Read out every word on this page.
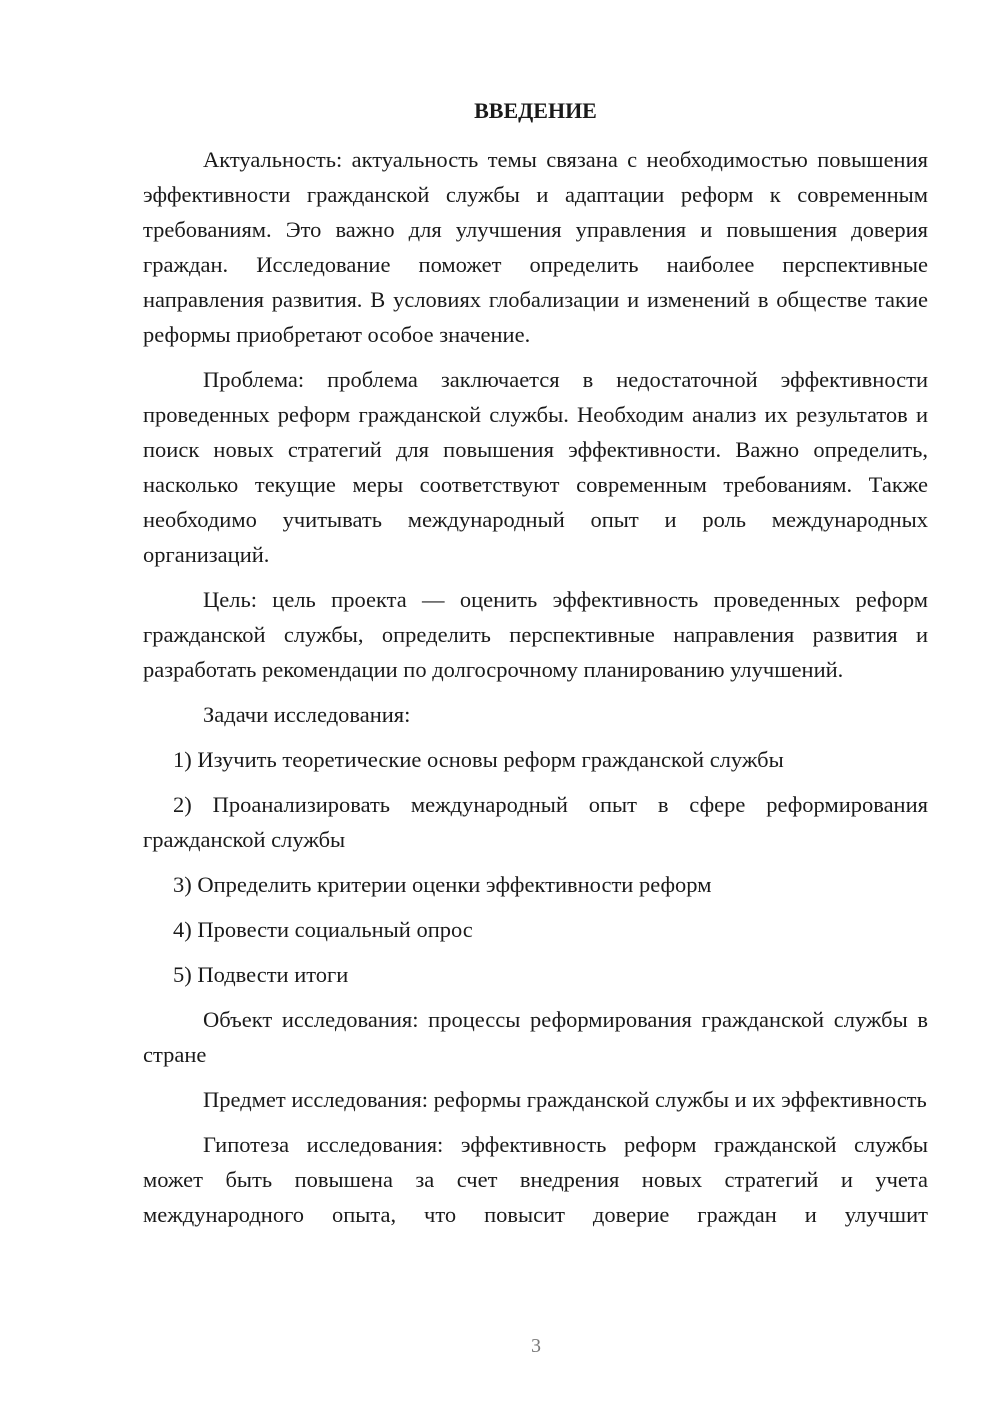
ВВЕДЕНИЕ

Актуальность: актуальность темы связана с необходимостью повышения эффективности гражданской службы и адаптации реформ к современным требованиям. Это важно для улучшения управления и повышения доверия граждан. Исследование поможет определить наиболее перспективные направления развития. В условиях глобализации и изменений в обществе такие реформы приобретают особое значение.

Проблема: проблема заключается в недостаточной эффективности проведенных реформ гражданской службы. Необходим анализ их результатов и поиск новых стратегий для повышения эффективности. Важно определить, насколько текущие меры соответствуют современным требованиям. Также необходимо учитывать международный опыт и роль международных организаций.

Цель: цель проекта — оценить эффективность проведенных реформ гражданской службы, определить перспективные направления развития и разработать рекомендации по долгосрочному планированию улучшений.

Задачи исследования:

1) Изучить теоретические основы реформ гражданской службы

2) Проанализировать международный опыт в сфере реформирования гражданской службы

3) Определить критерии оценки эффективности реформ

4) Провести социальный опрос

5) Подвести итоги

Объект исследования: процессы реформирования гражданской службы в стране

Предмет исследования: реформы гражданской службы и их эффективность

Гипотеза исследования: эффективность реформ гражданской службы может быть повышена за счет внедрения новых стратегий и учета международного опыта, что повысит доверие граждан и улучшит

3
